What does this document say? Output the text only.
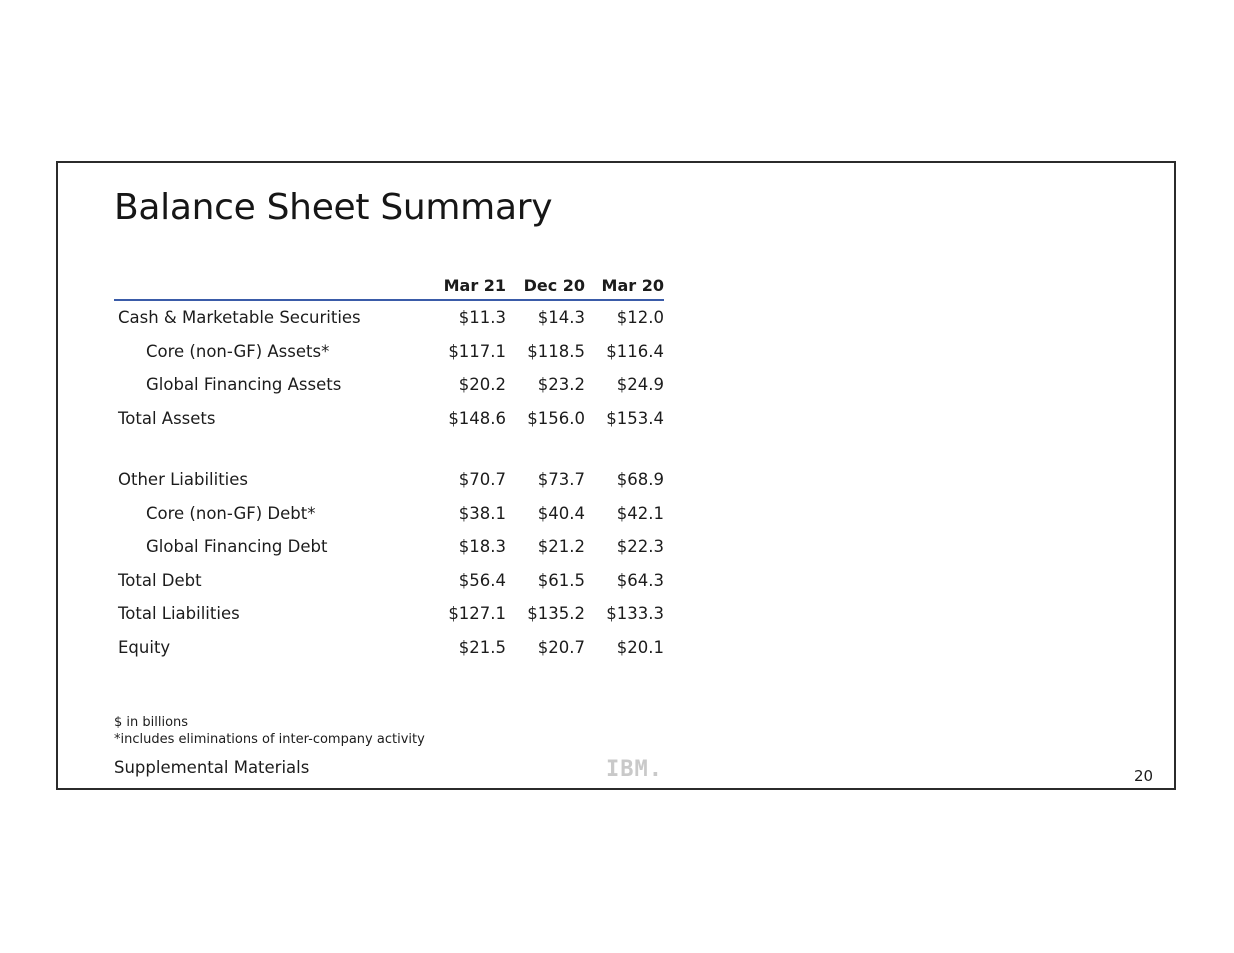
Balance Sheet Summary
	Mar 21	Dec 20	Mar 20
Cash & Marketable Securities	$11.3	$14.3	$12.0
Core (non-GF) Assets*	$117.1	$118.5	$116.4
Global Financing Assets	$20.2	$23.2	$24.9
Total Assets	$148.6	$156.0	$153.4

Other Liabilities	$70.7	$73.7	$68.9
Core (non-GF) Debt*	$38.1	$40.4	$42.1
Global Financing Debt	$18.3	$21.2	$22.3
Total Debt	$56.4	$61.5	$64.3
Total Liabilities	$127.1	$135.2	$133.3
Equity	$21.5	$20.7	$20.1
$ in billions
*includes eliminations of inter-company activity
Supplemental Materials	IBM.	20
